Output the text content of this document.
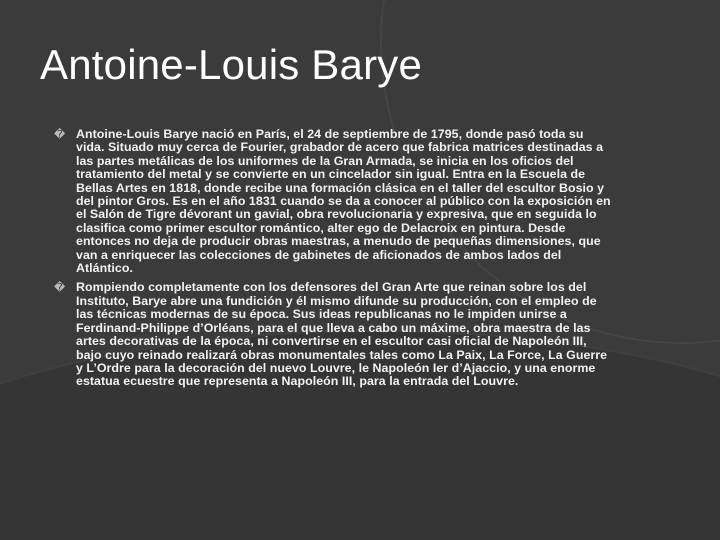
Antoine-Louis Barye
� Antoine-Louis Barye nació en París, el 24 de septiembre de 1795, donde pasó toda su vida. Situado muy cerca de Fourier, grabador de acero que fabrica matrices destinadas a las partes metálicas de los uniformes de la Gran Armada, se inicia en los oficios del tratamiento del metal y se convierte en un cincelador sin igual. Entra en la Escuela de Bellas Artes en 1818, donde recibe una formación clásica en el taller del escultor Bosio y del pintor Gros. Es en el año 1831 cuando se da a conocer al público con la exposición en el Salón de Tigre dévorant un gavial, obra revolucionaria y expresiva, que en seguida lo clasifica como primer escultor romántico, alter ego de Delacroix en pintura. Desde entonces no deja de producir obras maestras, a menudo de pequeñas dimensiones, que van a enriquecer las colecciones de gabinetes de aficionados de ambos lados del Atlántico.
� Rompiendo completamente con los defensores del Gran Arte que reinan sobre los del Instituto, Barye abre una fundición y él mismo difunde su producción, con el empleo de las técnicas modernas de su época. Sus ideas republicanas no le impiden unirse a Ferdinand-Philippe d’Orléans, para el que lleva a cabo un máxime, obra maestra de las artes decorativas de la época, ni convertirse en el escultor casi oficial de Napoleón III, bajo cuyo reinado realizará obras monumentales tales como La Paix, La Force, La Guerre y L’Ordre para la decoración del nuevo Louvre, le Napoleón Ier d’Ajaccio, y una enorme estatua ecuestre que representa a Napoleón III, para la entrada del Louvre.
